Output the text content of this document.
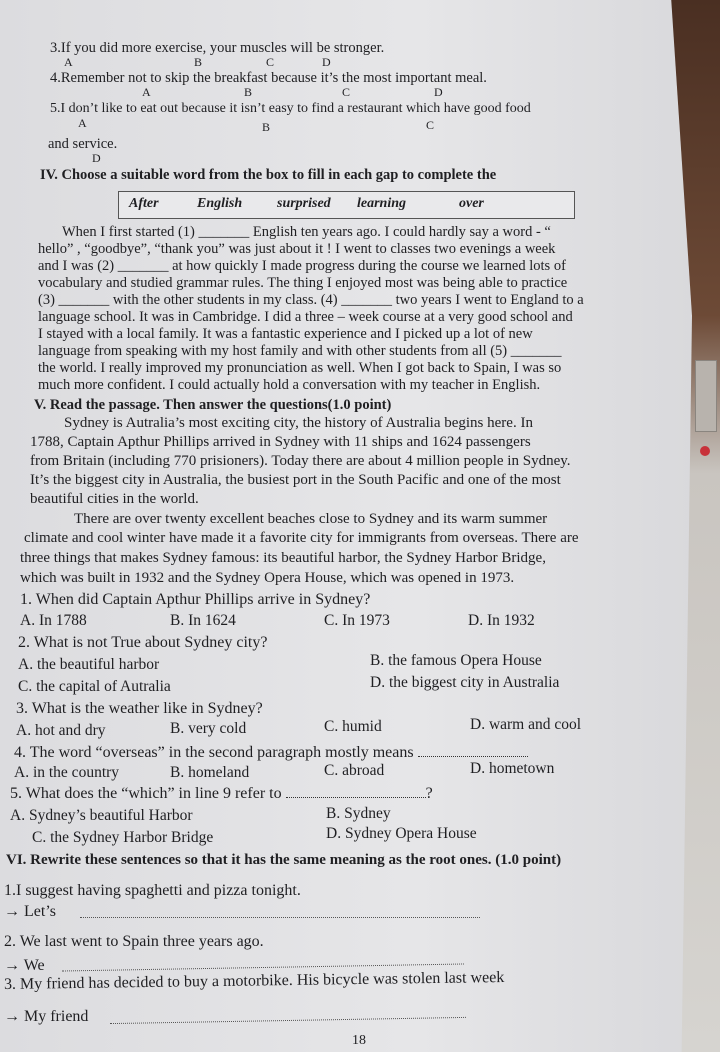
3.If you did more exercise, your muscles will be stronger.
A	B	C	D
4.Remember not to skip the breakfast because it’s the most important meal.
A	B	C	D
5.I don’t like to eat out because it isn’t easy to find a restaurant which have good food
A	B	C
and service.
D
IV. Choose a suitable word from the box to fill in each gap to complete the
After	English surprised learning	over
When I first started (1) _______ English ten years ago. I could hardly say a word - “
hello” , “goodbye”, “thank you” was just about it ! I went to classes two evenings a week
and I was (2) _______ at how quickly I made progress during the course we learned lots of
vocabulary and studied grammar rules. The thing I enjoyed most was being able to practice
(3) _______ with the other students in my class. (4) _______ two years I went to England to a
language school. It was in Cambridge. I did a three – week course at a very good school and
I stayed with a local family. It was a fantastic experience and I picked up a lot of new
language from speaking with my host family and with other students from all (5) _______
the world. I really improved my pronunciation as well. When I got back to Spain, I was so
much more confident. I could actually hold a conversation with my teacher in English.
V. Read the passage. Then answer the questions(1.0 point)
Sydney is Autralia’s most exciting city, the history of Australia begins here. In
1788, Captain Apthur Phillips arrived in Sydney with 11 ships and 1624 passengers
from Britain (including 770 prisioners). Today there are about 4 million people in Sydney.
It’s the biggest city in Australia, the busiest port in the South Pacific and one of the most
beautiful cities in the world.
There are over twenty excellent beaches close to Sydney and its warm summer
climate and cool winter have made it a favorite city for immigrants from overseas. There are
three things that makes Sydney famous: its beautiful harbor, the Sydney Harbor Bridge,
which was built in 1932 and the Sydney Opera House, which was opened in 1973.
1. When did Captain Apthur Phillips arrive in Sydney?
A. In 1788	B. In 1624	C. In 1973	D. In 1932
2. What is not True about Sydney city?
A. the beautiful harbor	B. the famous Opera House
C. the capital of Autralia	D. the biggest city in Australia
3. What is the weather like in Sydney?
A. hot and dry	B. very cold	C. humid	D. warm and cool
4. The word “overseas” in the second paragraph mostly means
A. in the country	B. homeland	C. abroad	D. hometown
5. What does the “which” in line 9 refer to	?
A. Sydney’s beautiful Harbor	B. Sydney
C. the Sydney Harbor Bridge	D. Sydney Opera House
VI. Rewrite these sentences so that it has the same meaning as the root ones. (1.0 point)
1.I suggest having spaghetti and pizza tonight.
→ Let’s
2. We last went to Spain three years ago.
→ We
3. My friend has decided to buy a motorbike. His bicycle was stolen last week
→ My friend
18
